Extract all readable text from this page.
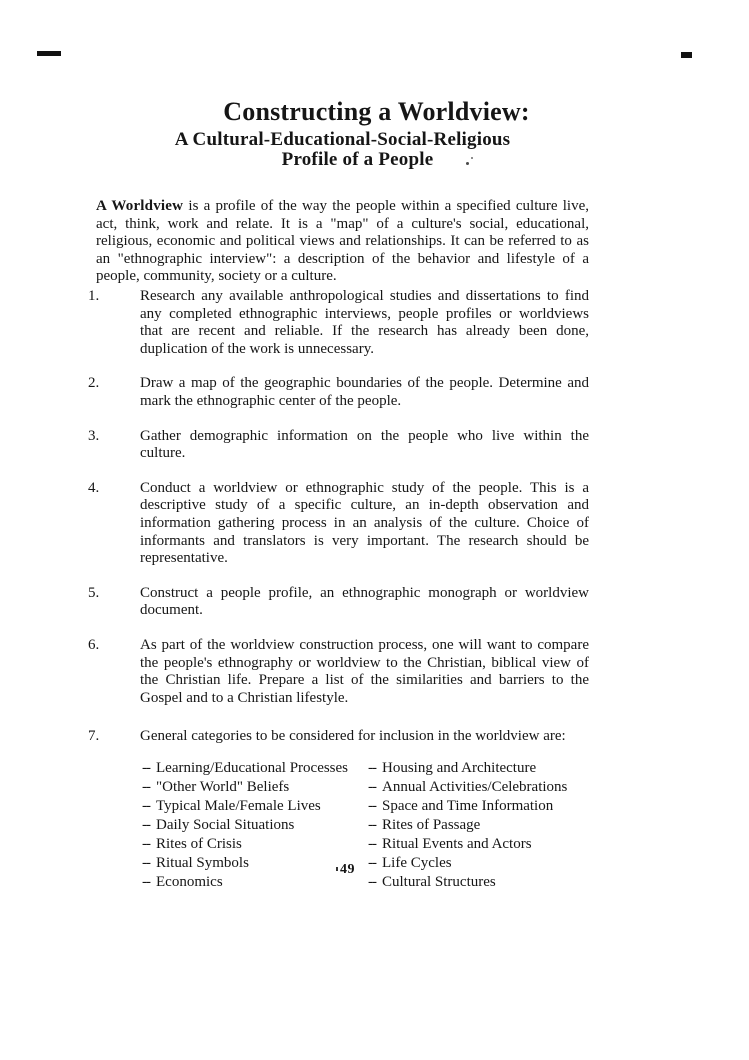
Constructing a Worldview:
A Cultural-Educational-Social-Religious
Profile of a People

A Worldview is a profile of the way the people within a specified culture live, act, think, work and relate. It is a "map" of a culture's social, educational, religious, economic and political views and relationships. It can be referred to as an "ethnographic interview": a description of the behavior and lifestyle of a people, community, society or a culture.

1.	Research any available anthropological studies and dissertations to find any completed ethnographic interviews, people profiles or worldviews that are recent and reliable. If the research has already been done, duplication of the work is unnecessary.
2.	Draw a map of the geographic boundaries of the people. Determine and mark the ethnographic center of the people.
3.	Gather demographic information on the people who live within the culture.
4.	Conduct a worldview or ethnographic study of the people. This is a descriptive study of a specific culture, an in-depth observation and information gathering process in an analysis of the culture. Choice of informants and translators is very important. The research should be representative.
5.	Construct a people profile, an ethnographic monograph or worldview document.
6.	As part of the worldview construction process, one will want to compare the people's ethnography or worldview to the Christian, biblical view of the Christian life. Prepare a list of the similarities and barriers to the Gospel and to a Christian lifestyle.
7.	General categories to be considered for inclusion in the worldview are:
-- Learning/Educational Processes
-- "Other World" Beliefs
-- Typical Male/Female Lives
-- Daily Social Situations
-- Rites of Crisis
-- Ritual Symbols
-- Economics
-- Housing and Architecture
-- Annual Activities/Celebrations
-- Space and Time Information
-- Rites of Passage
-- Ritual Events and Actors
-- Life Cycles
-- Cultural Structures
49
